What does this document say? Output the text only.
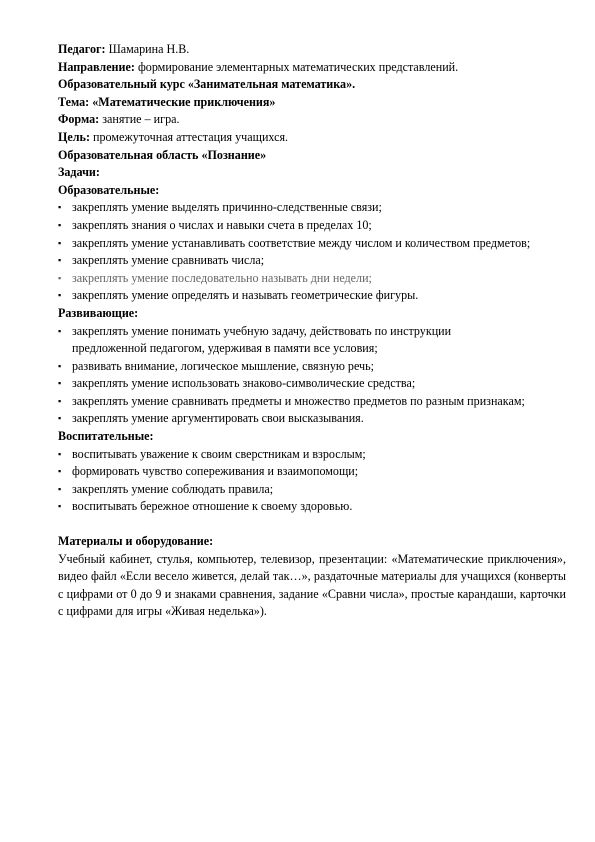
Педагог: Шамарина Н.В.
Направление: формирование элементарных математических представлений.
Образовательный курс «Занимательная математика».
Тема: «Математические приключения»
Форма: занятие – игра.
Цель: промежуточная аттестация учащихся.
Образовательная область «Познание»
Задачи:
Образовательные:
▪ закреплять умение выделять причинно-следственные связи;
▪ закреплять знания о числах и навыки счета в пределах 10;
▪ закреплять умение устанавливать соответствие между числом и количеством предметов;
▪ закреплять умение сравнивать числа;
▪ закреплять умение последовательно называть дни недели;
▪ закреплять умение определять и называть геометрические фигуры.
Развивающие:
▪ закреплять умение понимать учебную задачу, действовать по инструкции предложенной педагогом, удерживая в памяти все условия;
▪ развивать внимание, логическое мышление, связную речь;
▪ закреплять умение использовать знаково-символические средства;
▪ закреплять умение сравнивать предметы и множество предметов по разным признакам;
▪ закреплять умение аргументировать свои высказывания.
Воспитательные:
▪ воспитывать уважение к своим сверстникам и взрослым;
▪ формировать чувство сопереживания и взаимопомощи;
▪ закреплять умение соблюдать правила;
▪ воспитывать бережное отношение к своему здоровью.
Материалы и оборудование:
Учебный кабинет, стулья, компьютер, телевизор, презентации: «Математические приключения», видео файл «Если весело живется, делай так…», раздаточные материалы для учащихся (конверты с цифрами от 0 до 9 и знаками сравнения, задание «Сравни числа», простые карандаши, карточки с цифрами для игры «Живая неделька»).
